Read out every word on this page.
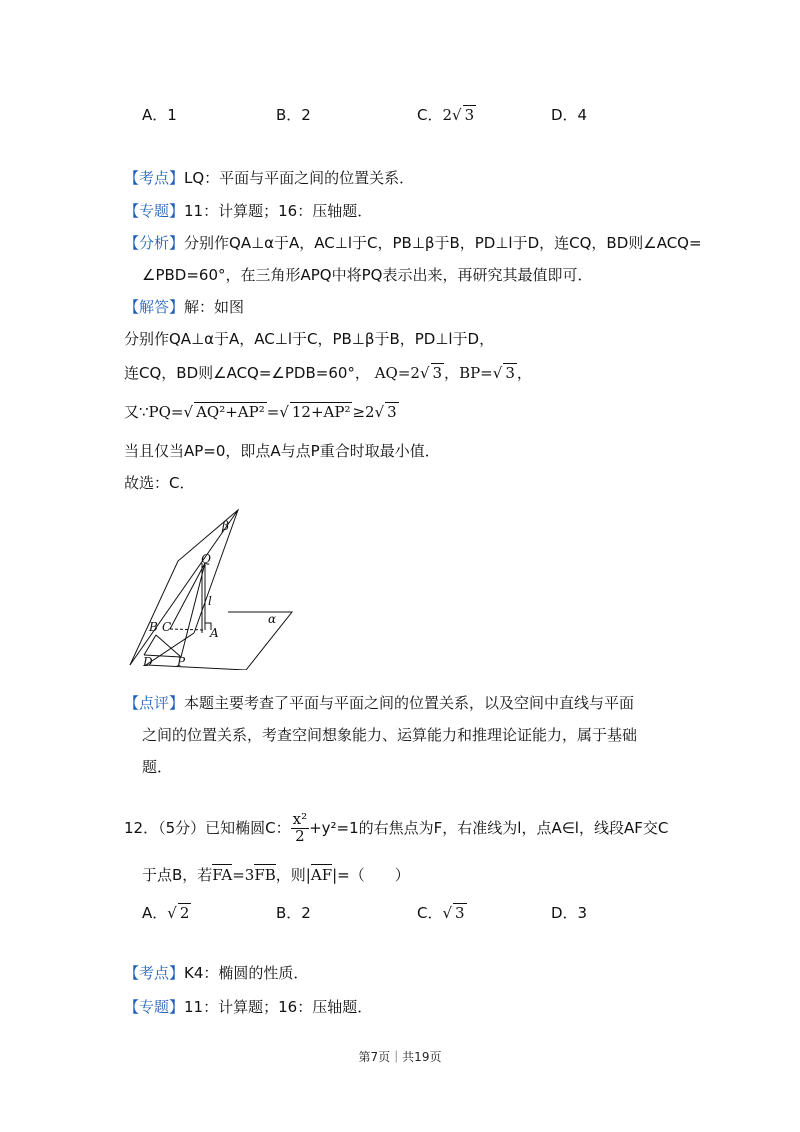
A．1	B．2	C．2√ 3	D．4
【考点】LQ：平面与平面之间的位置关系．
【专题】11：计算题；16：压轴题．
【分析】分别作QA⊥α于A，AC⊥l于C，PB⊥β于B，PD⊥l于D，连CQ，BD则∠ACQ=
∠PBD=60°，在三角形APQ中将PQ表示出来，再研究其最值即可．
【解答】解：如图
分别作QA⊥α于A，AC⊥l于C，PB⊥β于B，PD⊥l于D，
连CQ，BD则∠ACQ=∠PDB=60°， AQ=2√ 3 ，BP=√ 3 ，
又∵PQ=√ AQ²+AP² =√ 12+AP² ≥2√ 3
当且仅当AP=0，即点A与点P重合时取最小值．
故选：C．
β
Q
l
B C	A
α
D P
【点评】本题主要考查了平面与平面之间的位置关系，以及空间中直线与平面
之间的位置关系，考查空间想象能力、运算能力和推理论证能力，属于基础
题．
12．（5分）已知椭圆C： $\frac{\text{x²}}{2} +y^2=1$的右焦点为F，右准线为l，点A∈l，线段AF交C
于点B，若FA=3FB，则|AF|=（　　）
A．√ 2	B．2	C．√ 3	D．3
【考点】K4：椭圆的性质．
【专题】11：计算题；16：压轴题．
第7页｜共19页
